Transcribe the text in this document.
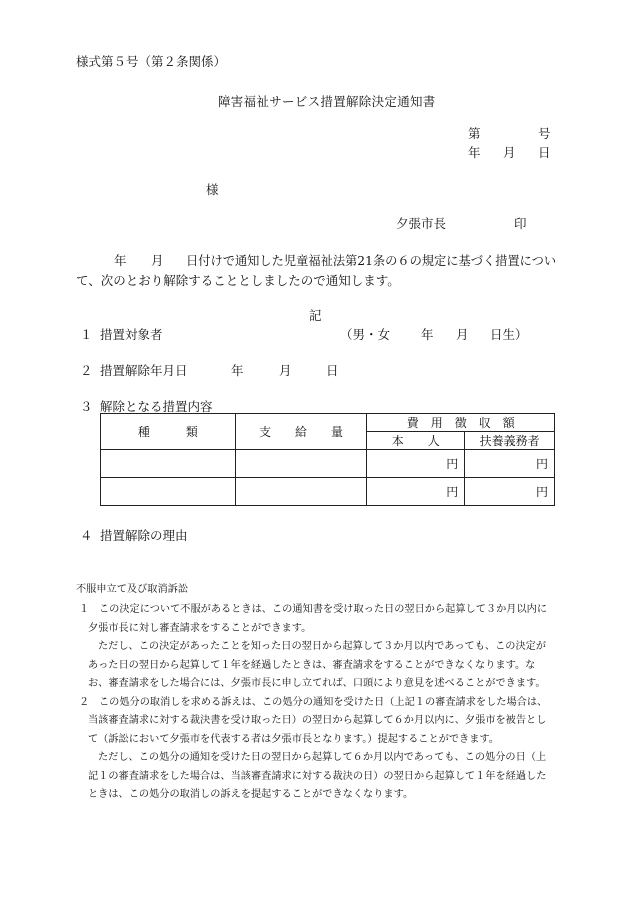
様式第５号（第２条関係）
障害福祉サービス措置解除決定通知書
第	号
年 月 日
様
夕張市長	印
年 月 日付けで通知した児童福祉法第21条の６の規定に基づく措置につい
て、次のとおり解除することとしましたので通知します。
記
１ 措置対象者	（男・女 年 月 日生）
２ 措置解除年月日	年	月	日
３ 解除となる措置内容
種　　　類	支　　給　　量	費　用　徴　収　額	
		本　　人	扶養義務者
		円	円
		円	円
４ 措置解除の理由
不服申立て及び取消訴訟
１ この決定について不服があるときは、この通知書を受け取った日の翌日から起算して３か月以内に
夕張市長に対し審査請求をすることができます。
ただし、この決定があったことを知った日の翌日から起算して３か月以内であっても、この決定が
あった日の翌日から起算して１年を経過したときは、審査請求をすることができなくなります。な
お、審査請求をした場合には、夕張市長に申し立てれば、口頭により意見を述べることができます。
２ この処分の取消しを求める訴えは、この処分の通知を受けた日（上記１の審査請求をした場合は、
当該審査請求に対する裁決書を受け取った日）の翌日から起算して６か月以内に、夕張市を被告とし
て（訴訟において夕張市を代表する者は夕張市長となります。）提起することができます。
ただし、この処分の通知を受けた日の翌日から起算して６か月以内であっても、この処分の日（上
記１の審査請求をした場合は、当該審査請求に対する裁決の日）の翌日から起算して１年を経過した
ときは、この処分の取消しの訴えを提起することができなくなります。
